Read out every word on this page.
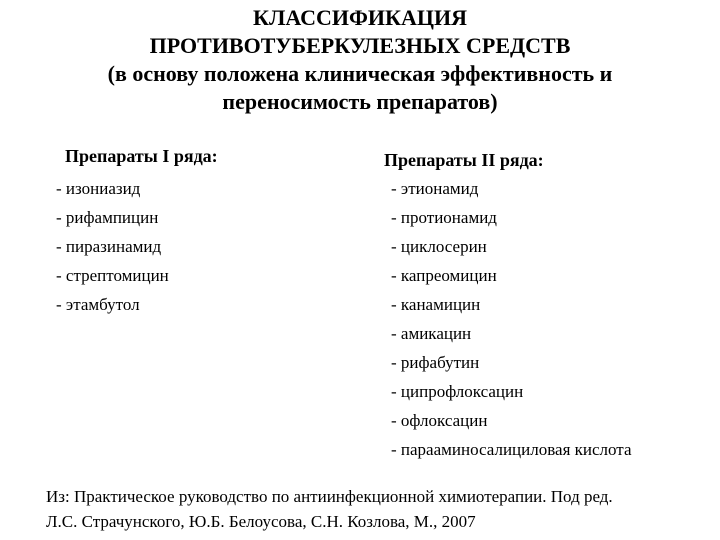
КЛАССИФИКАЦИЯ
ПРОТИВОТУБЕРКУЛЕЗНЫХ СРЕДСТВ
(в основу положена клиническая эффективность и
переносимость препаратов)
Препараты I ряда:
- изониазид
- рифампицин
- пиразинамид
- стрептомицин
- этамбутол
Препараты II ряда:
- этионамид
- протионамид
- циклосерин
- капреомицин
- канамицин
- амикацин
- рифабутин
- ципрофлоксацин
- офлоксацин
- парааминосалициловая кислота
Из: Практическое руководство по антиинфекционной химиотерапии. Под ред.
Л.С. Страчунского, Ю.Б. Белоусова, С.Н. Козлова, М., 2007
